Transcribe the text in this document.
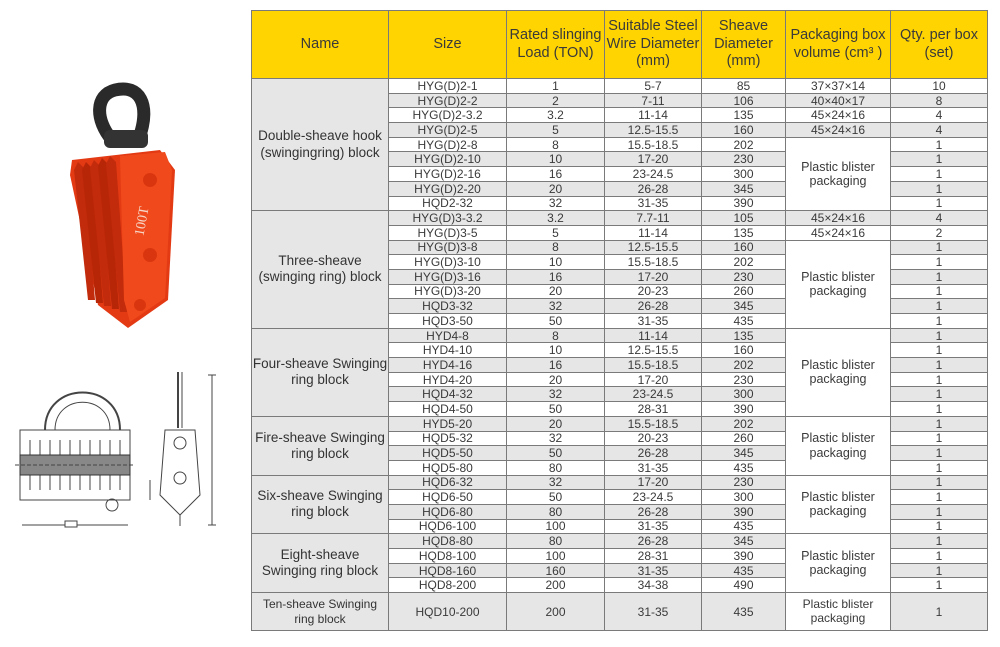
100T
Name	Size	Rated slinging Load (TON)	Suitable Steel Wire Diameter (mm)	Sheave Diameter (mm)	Packaging box volume (cm³ )	Qty. per box (set)
Double-sheave hook (swingingring) block	HYG(D)2-1	1	5-7	85	37×37×14	10
	HYG(D)2-2	2	7-11	106	40×40×17	8
	HYG(D)2-3.2	3.2	11-14	135	45×24×16	4
	HYG(D)2-5	5	12.5-15.5	160	45×24×16	4
	HYG(D)2-8	8	15.5-18.5	202	Plastic blister packaging	1
	HYG(D)2-10	10	17-20	230		1
	HYG(D)2-16	16	23-24.5	300		1
	HYG(D)2-20	20	26-28	345		1
	HQD2-32	32	31-35	390		1
Three-sheave (swinging ring) block	HYG(D)3-3.2	3.2	7.7-11	105	45×24×16	4
	HYG(D)3-5	5	11-14	135	45×24×16	2
	HYG(D)3-8	8	12.5-15.5	160	Plastic blister packaging	1
	HYG(D)3-10	10	15.5-18.5	202		1
	HYG(D)3-16	16	17-20	230		1
	HYG(D)3-20	20	20-23	260		1
	HQD3-32	32	26-28	345		1
	HQD3-50	50	31-35	435		1
Four-sheave Swinging ring block	HYD4-8	8	11-14	135	Plastic blister packaging	1
	HYD4-10	10	12.5-15.5	160		1
	HYD4-16	16	15.5-18.5	202		1
	HYD4-20	20	17-20	230		1
	HQD4-32	32	23-24.5	300		1
	HQD4-50	50	28-31	390		1
Fire-sheave Swinging ring block	HYD5-20	20	15.5-18.5	202	Plastic blister packaging	1
	HQD5-32	32	20-23	260		1
	HQD5-50	50	26-28	345		1
	HQD5-80	80	31-35	435		1
Six-sheave Swinging ring block	HQD6-32	32	17-20	230	Plastic blister packaging	1
	HQD6-50	50	23-24.5	300		1
	HQD6-80	80	26-28	390		1
	HQD6-100	100	31-35	435		1
Eight-sheave Swinging ring block	HQD8-80	80	26-28	345	Plastic blister packaging	1
	HQD8-100	100	28-31	390		1
	HQD8-160	160	31-35	435		1
	HQD8-200	200	34-38	490		1
Ten-sheave Swinging ring block	HQD10-200	200	31-35	435	Plastic blister packaging	1
